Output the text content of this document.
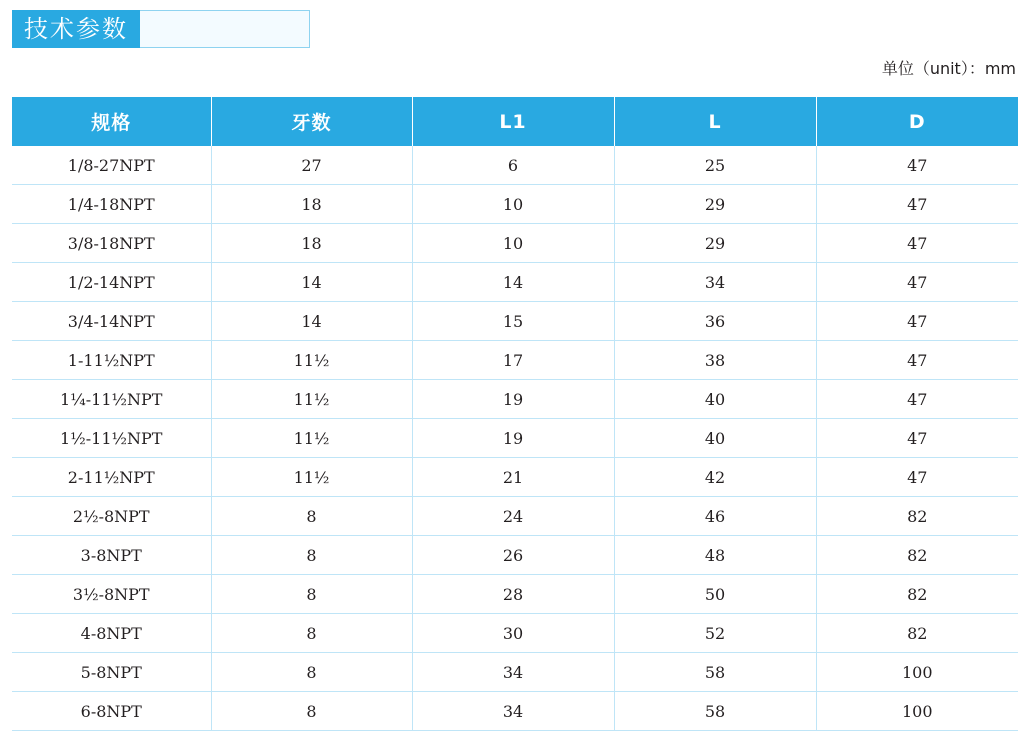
技术参数
单位（unit）：mm
规格	牙数	L1	L	D
1/8-27NPT	27	6	25	47
1/4-18NPT	18	10	29	47
3/8-18NPT	18	10	29	47
1/2-14NPT	14	14	34	47
3/4-14NPT	14	15	36	47
1-11½NPT	11½	17	38	47
1¼-11½NPT	11½	19	40	47
1½-11½NPT	11½	19	40	47
2-11½NPT	11½	21	42	47
2½-8NPT	8	24	46	82
3-8NPT	8	26	48	82
3½-8NPT	8	28	50	82
4-8NPT	8	30	52	82
5-8NPT	8	34	58	100
6-8NPT	8	34	58	100
